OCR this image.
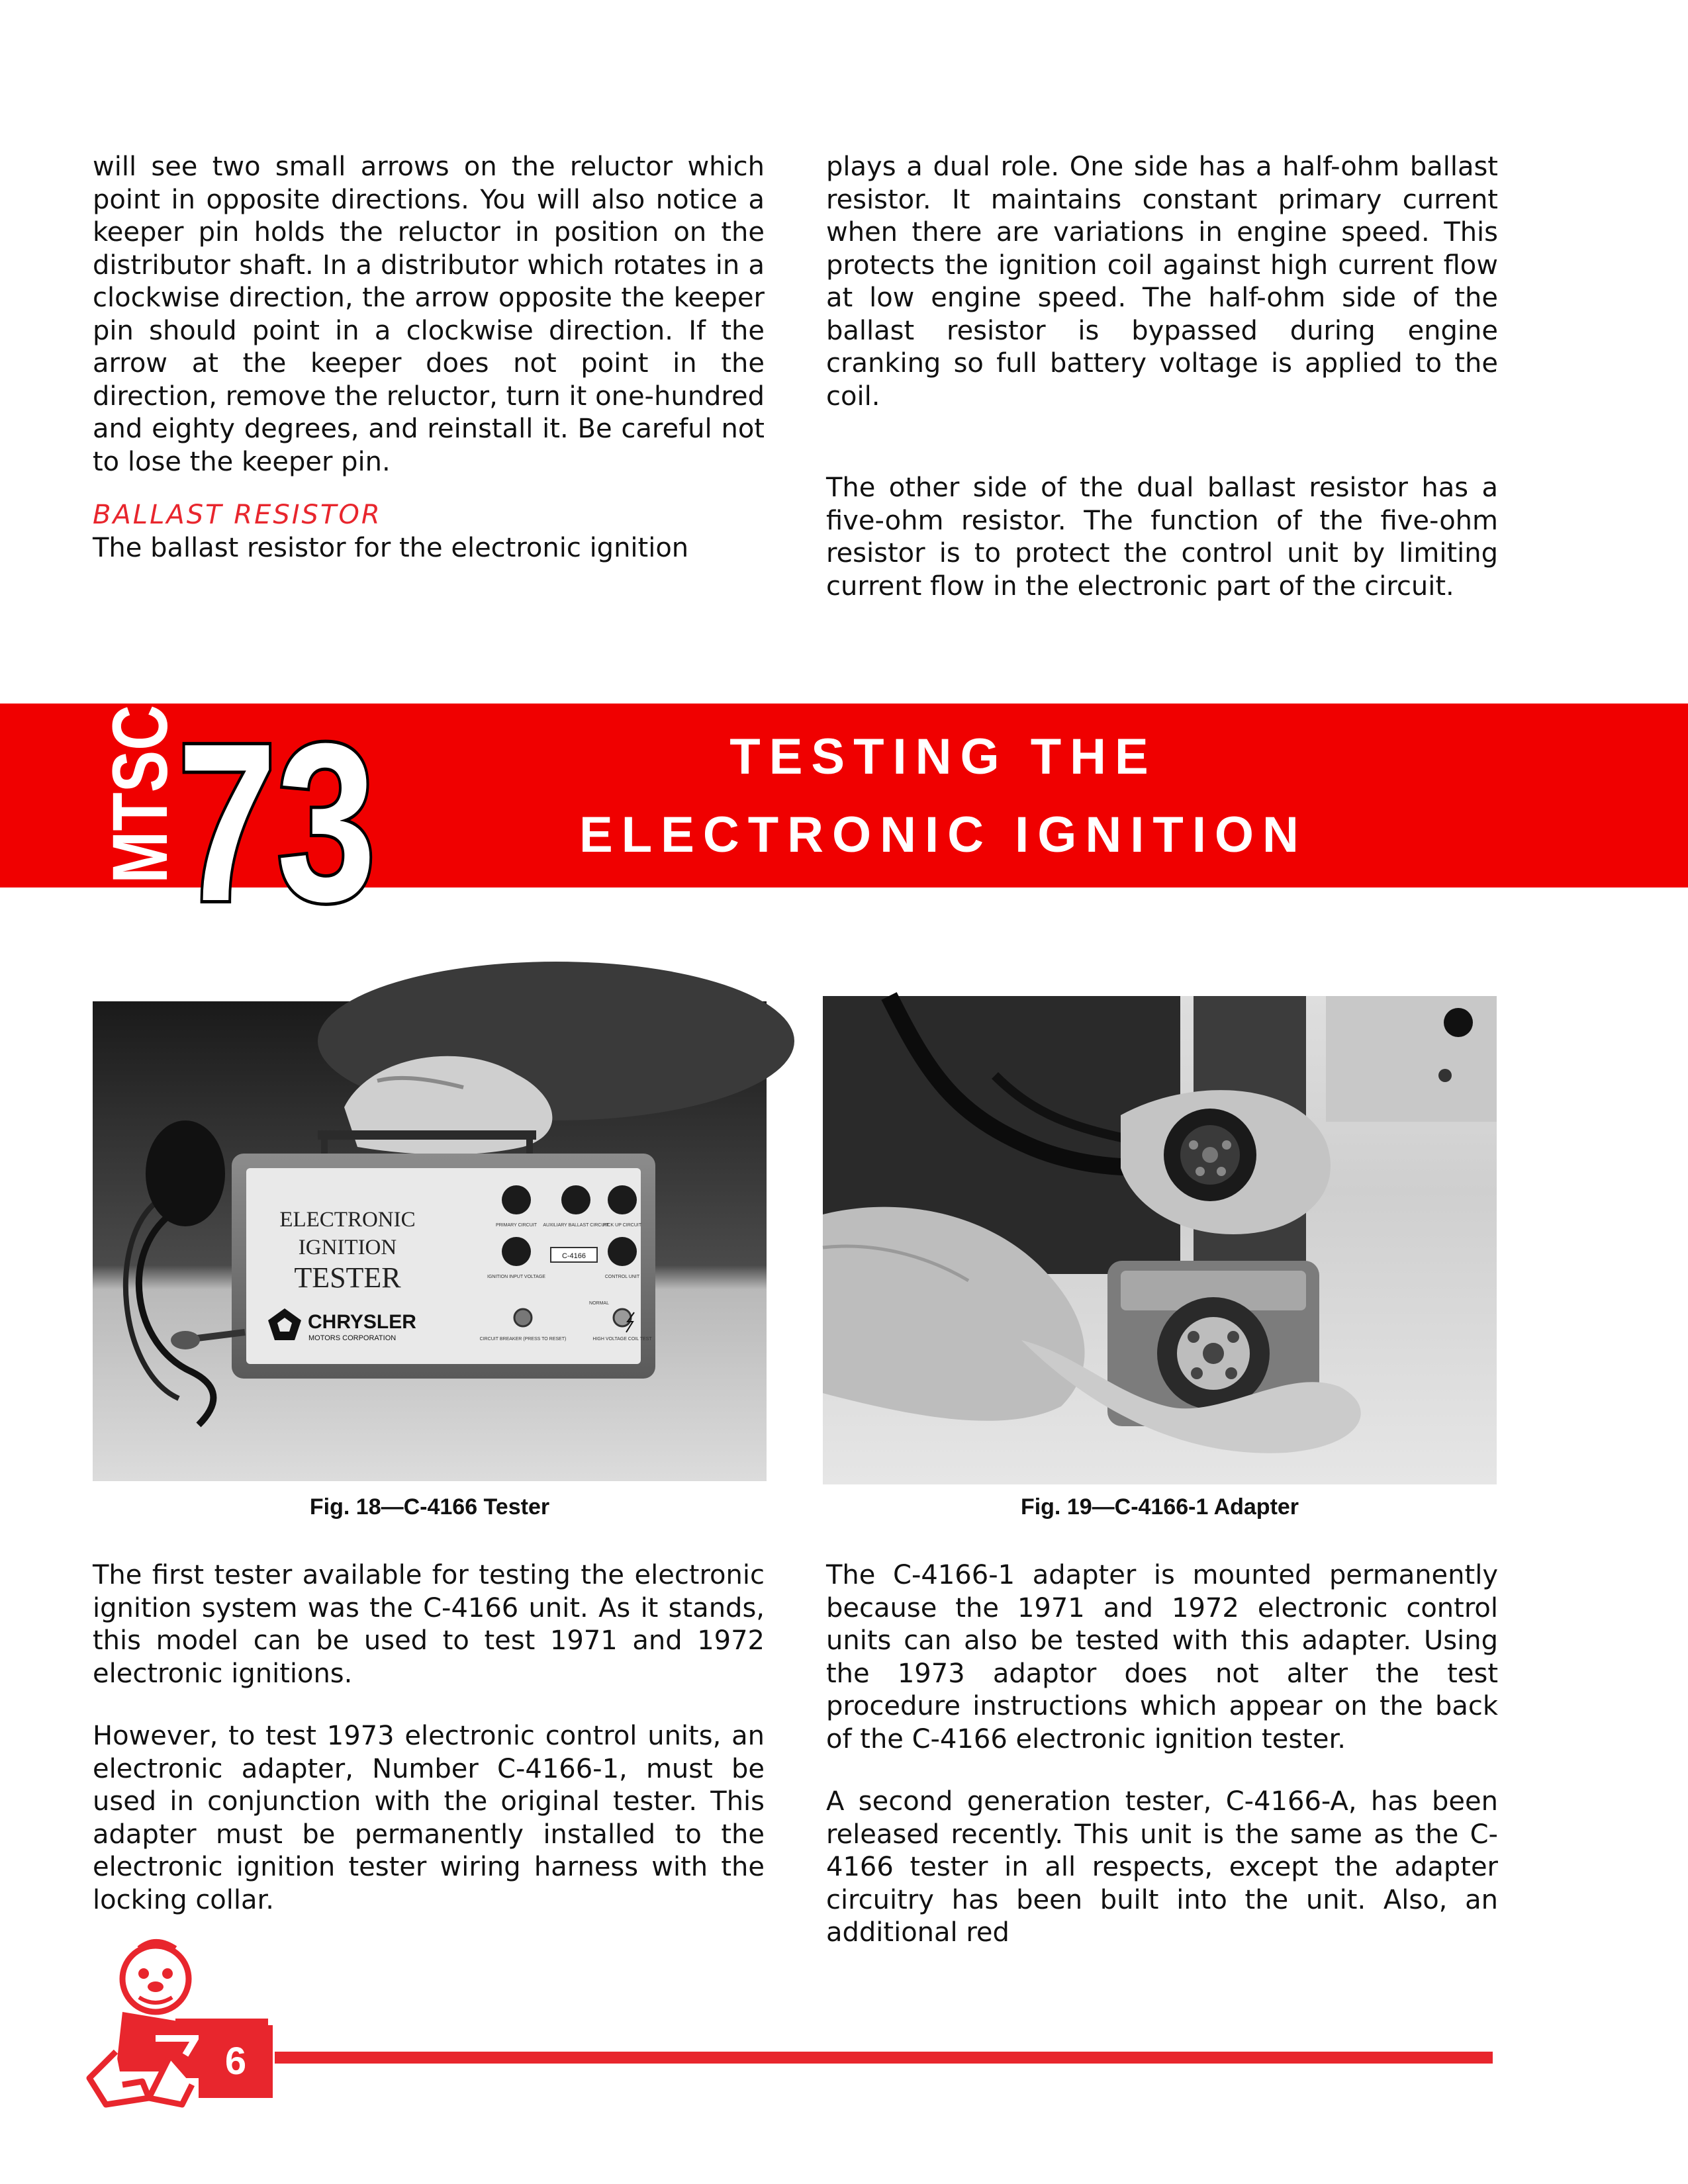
will see two small arrows on the reluctor which point in opposite directions. You will also notice a keeper pin holds the reluctor in position on the distributor shaft. In a distributor which rotates in a clockwise direction, the arrow opposite the keeper pin should point in a clockwise direction. If the arrow at the keeper does not point in the direction, remove the reluctor, turn it one-hundred and eighty degrees, and reinstall it. Be careful not to lose the keeper pin.

BALLAST RESISTOR

The ballast resistor for the electronic ignition

plays a dual role. One side has a half-ohm ballast resistor. It maintains constant primary current when there are variations in engine speed. This protects the ignition coil against high current flow at low engine speed. The half-ohm side of the ballast resistor is bypassed during engine cranking so full battery voltage is applied to the coil.

The other side of the dual ballast resistor has a five-ohm resistor. The function of the five-ohm resistor is to protect the control unit by limiting current flow in the electronic part of the circuit.

MTSC
73	TESTING THE
ELECTRONIC IGNITION
ELECTRONIC
IGNITION
TESTER
CHRYSLER
MOTORS CORPORATION
PRIMARY CIRCUIT AUXILIARY BALLAST CIRCUIT
PICK UP CIRCUIT
C-4166
IGNITION INPUT VOLTAGE	CONTROL UNIT
NORMAL
CIRCUIT BREAKER (PRESS TO RESET)	HIGH VOLTAGE COIL TEST
Fig. 18—C-4166 Tester	Fig. 19—C-4166-1 Adapter

The first tester available for testing the electronic ignition system was the C-4166 unit. As it stands, this model can be used to test 1971 and 1972 electronic ignitions.

However, to test 1973 electronic control units, an electronic adapter, Number C-4166-1, must be used in conjunction with the original tester. This adapter must be permanently installed to the electronic ignition tester wiring harness with the locking collar.

The C-4166-1 adapter is mounted permanently because the 1971 and 1972 electronic control units can also be tested with this adapter. Using the 1973 adaptor does not alter the test procedure instructions which appear on the back of the C-4166 electronic ignition tester.

A second generation tester, C-4166-A, has been released recently. This unit is the same as the C-4166 tester in all respects, except the adapter circuitry has been built into the unit. Also, an additional red

6
